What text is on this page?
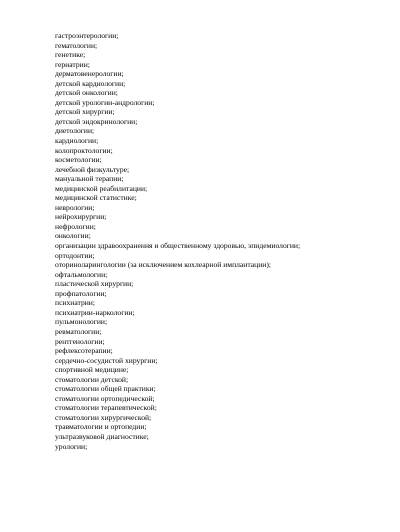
гастроэнтерологии;
гематологии;
генетике;
гериатрии;
дерматовенерологии;
детской кардиологии;
детской онкологии;
детской урологии-андрологии;
детской хирургии;
детской эндокринологии;
диетологии;
кардиологии;
колопроктологии;
косметологии;
лечебной физкультуре;
мануальной терапии;
медицинской реабилитации;
медицинской статистике;
неврологии;
нейрохирургии;
нефрологии;
онкологии;
организации здравоохранения и общественному здоровью, эпидемиологии;
ортодонтии;
оториноларингологии (за исключением кохлеарной имплантации);
офтальмологии;
пластической хирургии;
профпатологии;
психиатрии;
психиатрии-наркологии;
пульмонологии;
ревматологии;
рентгенологии;
рефлексотерапии;
сердечно-сосудистой хирургии;
спортивной медицине;
стоматологии детской;
стоматологии общей практики;
стоматологии ортопедической;
стоматологии терапевтической;
стоматологии хирургической;
травматологии и ортопедии;
ультразвуковой диагностике;
урологии;
